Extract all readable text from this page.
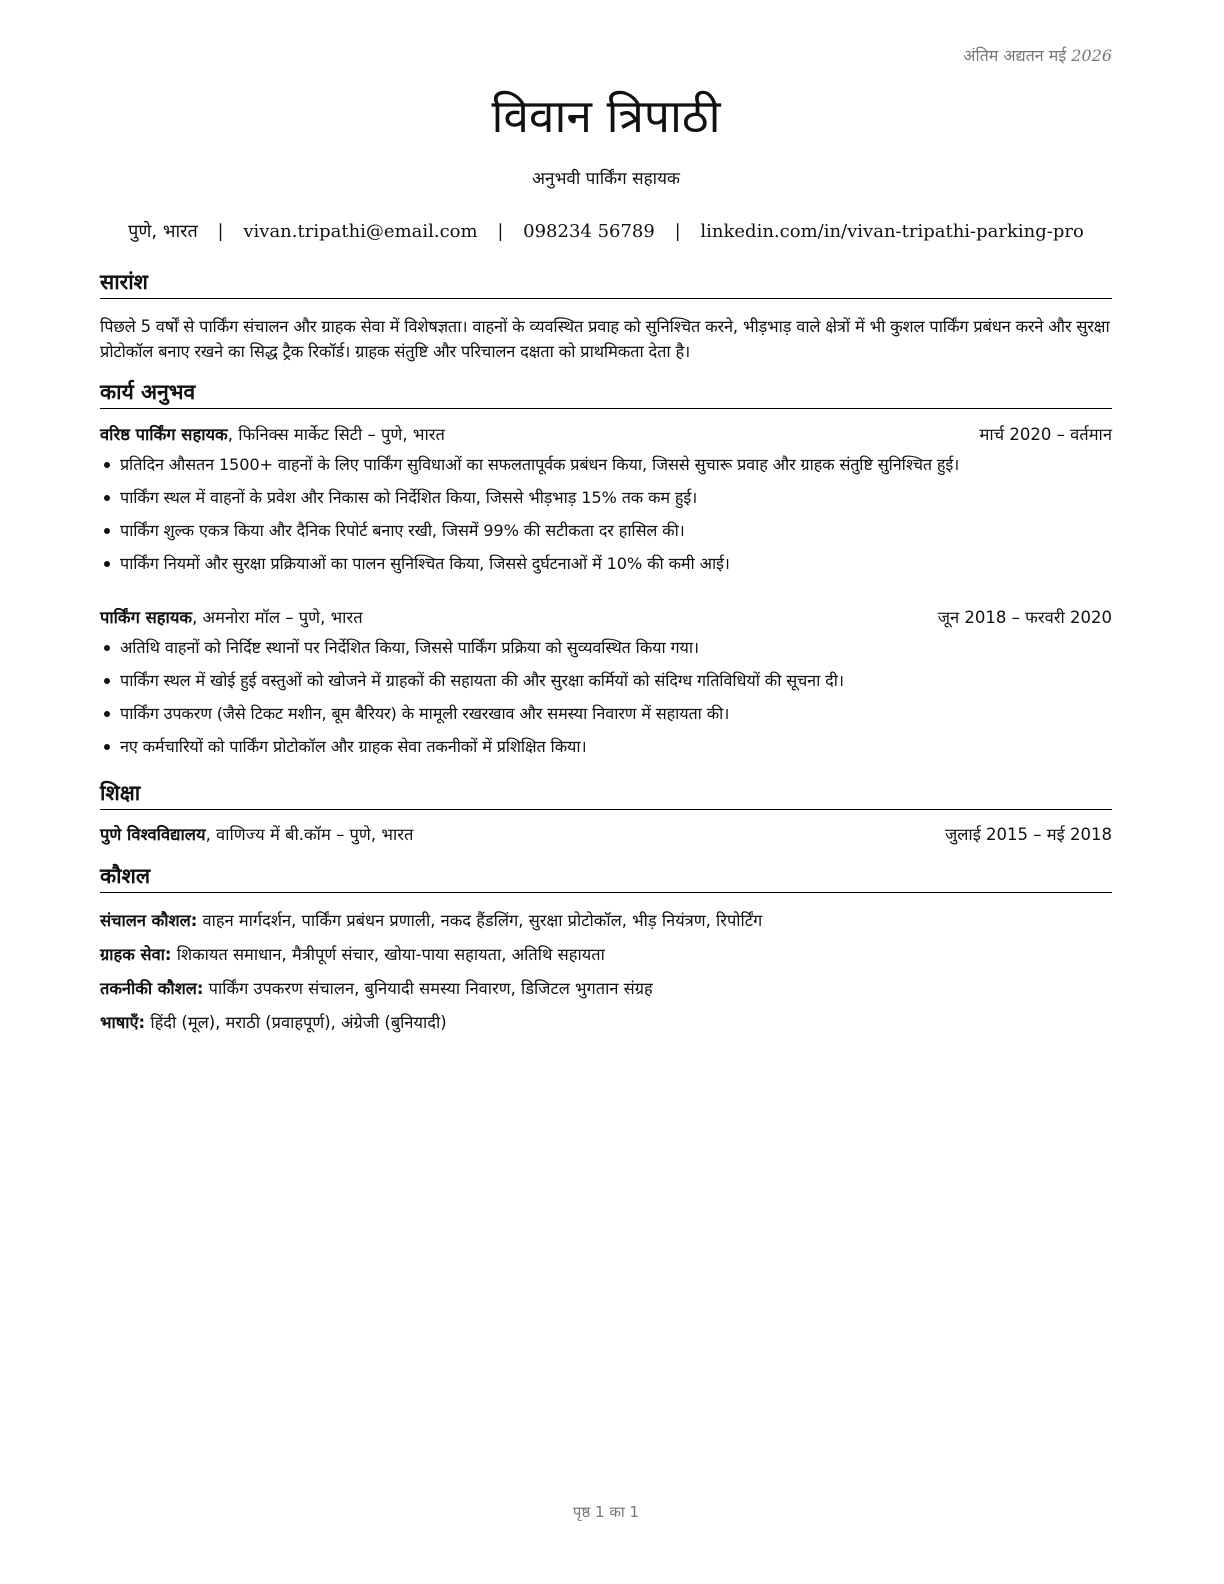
अंतिम अद्यतन मई 2026
विवान त्रिपाठी
अनुभवी पार्किंग सहायक
पुणे, भारत | vivan.tripathi@email.com | 098234 56789 | linkedin.com/in/vivan-tripathi-parking-pro
सारांश
पिछले 5 वर्षों से पार्किंग संचालन और ग्राहक सेवा में विशेषज्ञता। वाहनों के व्यवस्थित प्रवाह को सुनिश्चित करने, भीड़भाड़ वाले क्षेत्रों में भी कुशल पार्किंग प्रबंधन करने और सुरक्षा प्रोटोकॉल बनाए रखने का सिद्ध ट्रैक रिकॉर्ड। ग्राहक संतुष्टि और परिचालन दक्षता को प्राथमिकता देता है।
कार्य अनुभव
वरिष्ठ पार्किंग सहायक, फिनिक्स मार्केट सिटी – पुणे, भारत	मार्च 2020 – वर्तमान
प्रतिदिन औसतन 1500+ वाहनों के लिए पार्किंग सुविधाओं का सफलतापूर्वक प्रबंधन किया, जिससे सुचारू प्रवाह और ग्राहक संतुष्टि सुनिश्चित हुई।
पार्किंग स्थल में वाहनों के प्रवेश और निकास को निर्देशित किया, जिससे भीड़भाड़ 15% तक कम हुई।
पार्किंग शुल्क एकत्र किया और दैनिक रिपोर्ट बनाए रखी, जिसमें 99% की सटीकता दर हासिल की।
पार्किंग नियमों और सुरक्षा प्रक्रियाओं का पालन सुनिश्चित किया, जिससे दुर्घटनाओं में 10% की कमी आई।
पार्किंग सहायक, अमनोरा मॉल – पुणे, भारत	जून 2018 – फरवरी 2020
अतिथि वाहनों को निर्दिष्ट स्थानों पर निर्देशित किया, जिससे पार्किंग प्रक्रिया को सुव्यवस्थित किया गया।
पार्किंग स्थल में खोई हुई वस्तुओं को खोजने में ग्राहकों की सहायता की और सुरक्षा कर्मियों को संदिग्ध गतिविधियों की सूचना दी।
पार्किंग उपकरण (जैसे टिकट मशीन, बूम बैरियर) के मामूली रखरखाव और समस्या निवारण में सहायता की।
नए कर्मचारियों को पार्किंग प्रोटोकॉल और ग्राहक सेवा तकनीकों में प्रशिक्षित किया।
शिक्षा
पुणे विश्वविद्यालय, वाणिज्य में बी.कॉम – पुणे, भारत	जुलाई 2015 – मई 2018
कौशल
संचालन कौशल: वाहन मार्गदर्शन, पार्किंग प्रबंधन प्रणाली, नकद हैंडलिंग, सुरक्षा प्रोटोकॉल, भीड़ नियंत्रण, रिपोर्टिंग
ग्राहक सेवा: शिकायत समाधान, मैत्रीपूर्ण संचार, खोया-पाया सहायता, अतिथि सहायता
तकनीकी कौशल: पार्किंग उपकरण संचालन, बुनियादी समस्या निवारण, डिजिटल भुगतान संग्रह
भाषाएँ: हिंदी (मूल), मराठी (प्रवाहपूर्ण), अंग्रेजी (बुनियादी)
पृष्ठ 1 का 1
